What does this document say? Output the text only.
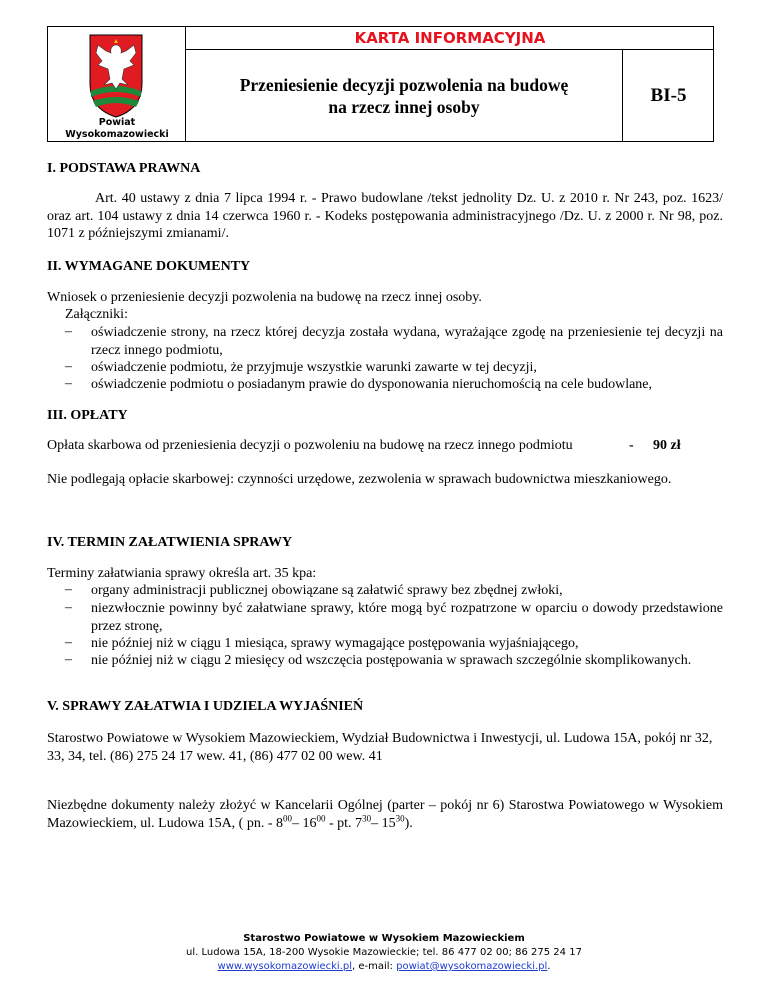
Powiat
Wysokomazowiecki
KARTA INFORMACYJNA
Przeniesienie decyzji pozwolenia na budowę
na rzecz innej osoby
BI-5
I. PODSTAWA PRAWNA
Art. 40 ustawy z dnia 7 lipca 1994 r. - Prawo budowlane /tekst jednolity Dz. U. z 2010 r. Nr 243, poz. 1623/ oraz art. 104 ustawy z dnia 14 czerwca 1960 r. - Kodeks postępowania administracyjnego /Dz. U. z 2000 r. Nr 98, poz. 1071 z późniejszymi zmianami/.
II. WYMAGANE DOKUMENTY
Wniosek o przeniesienie decyzji pozwolenia na budowę na rzecz innej osoby.
Załączniki:
– oświadczenie strony, na rzecz której decyzja została wydana, wyrażające zgodę na przeniesienie tej decyzji na rzecz innego podmiotu,
– oświadczenie podmiotu, że przyjmuje wszystkie warunki zawarte w tej decyzji,
– oświadczenie podmiotu o posiadanym prawie do dysponowania nieruchomością na cele budowlane,
III. OPŁATY
Opłata skarbowa od przeniesienia decyzji o pozwoleniu na budowę na rzecz innego podmiotu	- 90 zł
Nie podlegają opłacie skarbowej: czynności urzędowe, zezwolenia w sprawach budownictwa mieszkaniowego.
IV. TERMIN ZAŁATWIENIA SPRAWY
Terminy załatwiania sprawy określa art. 35 kpa:
– organy administracji publicznej obowiązane są załatwić sprawy bez zbędnej zwłoki,
– niezwłocznie powinny być załatwiane sprawy, które mogą być rozpatrzone w oparciu o dowody przedstawione przez stronę,
– nie później niż w ciągu 1 miesiąca, sprawy wymagające postępowania wyjaśniającego,
– nie później niż w ciągu 2 miesięcy od wszczęcia postępowania w sprawach szczególnie skomplikowanych.
V. SPRAWY ZAŁATWIA I UDZIELA WYJAŚNIEŃ
Starostwo Powiatowe w Wysokiem Mazowieckiem, Wydział Budownictwa i Inwestycji, ul. Ludowa 15A, pokój nr 32, 33, 34, tel. (86) 275 24 17 wew. 41, (86) 477 02 00 wew. 41
Niezbędne dokumenty należy złożyć w Kancelarii Ogólnej (parter – pokój nr 6) Starostwa Powiatowego w Wysokiem Mazowieckiem, ul. Ludowa 15A, ( pn. - $8^{00}-$ $16^{00}$ - pt. $7^{30}-$ $15^{30}$).
Starostwo Powiatowe w Wysokiem Mazowieckiem
ul. Ludowa 15A, 18-200 Wysokie Mazowieckie; tel. 86 477 02 00; 86 275 24 17
www.wysokomazowiecki.pl, e-mail: powiat@wysokomazowiecki.pl.
